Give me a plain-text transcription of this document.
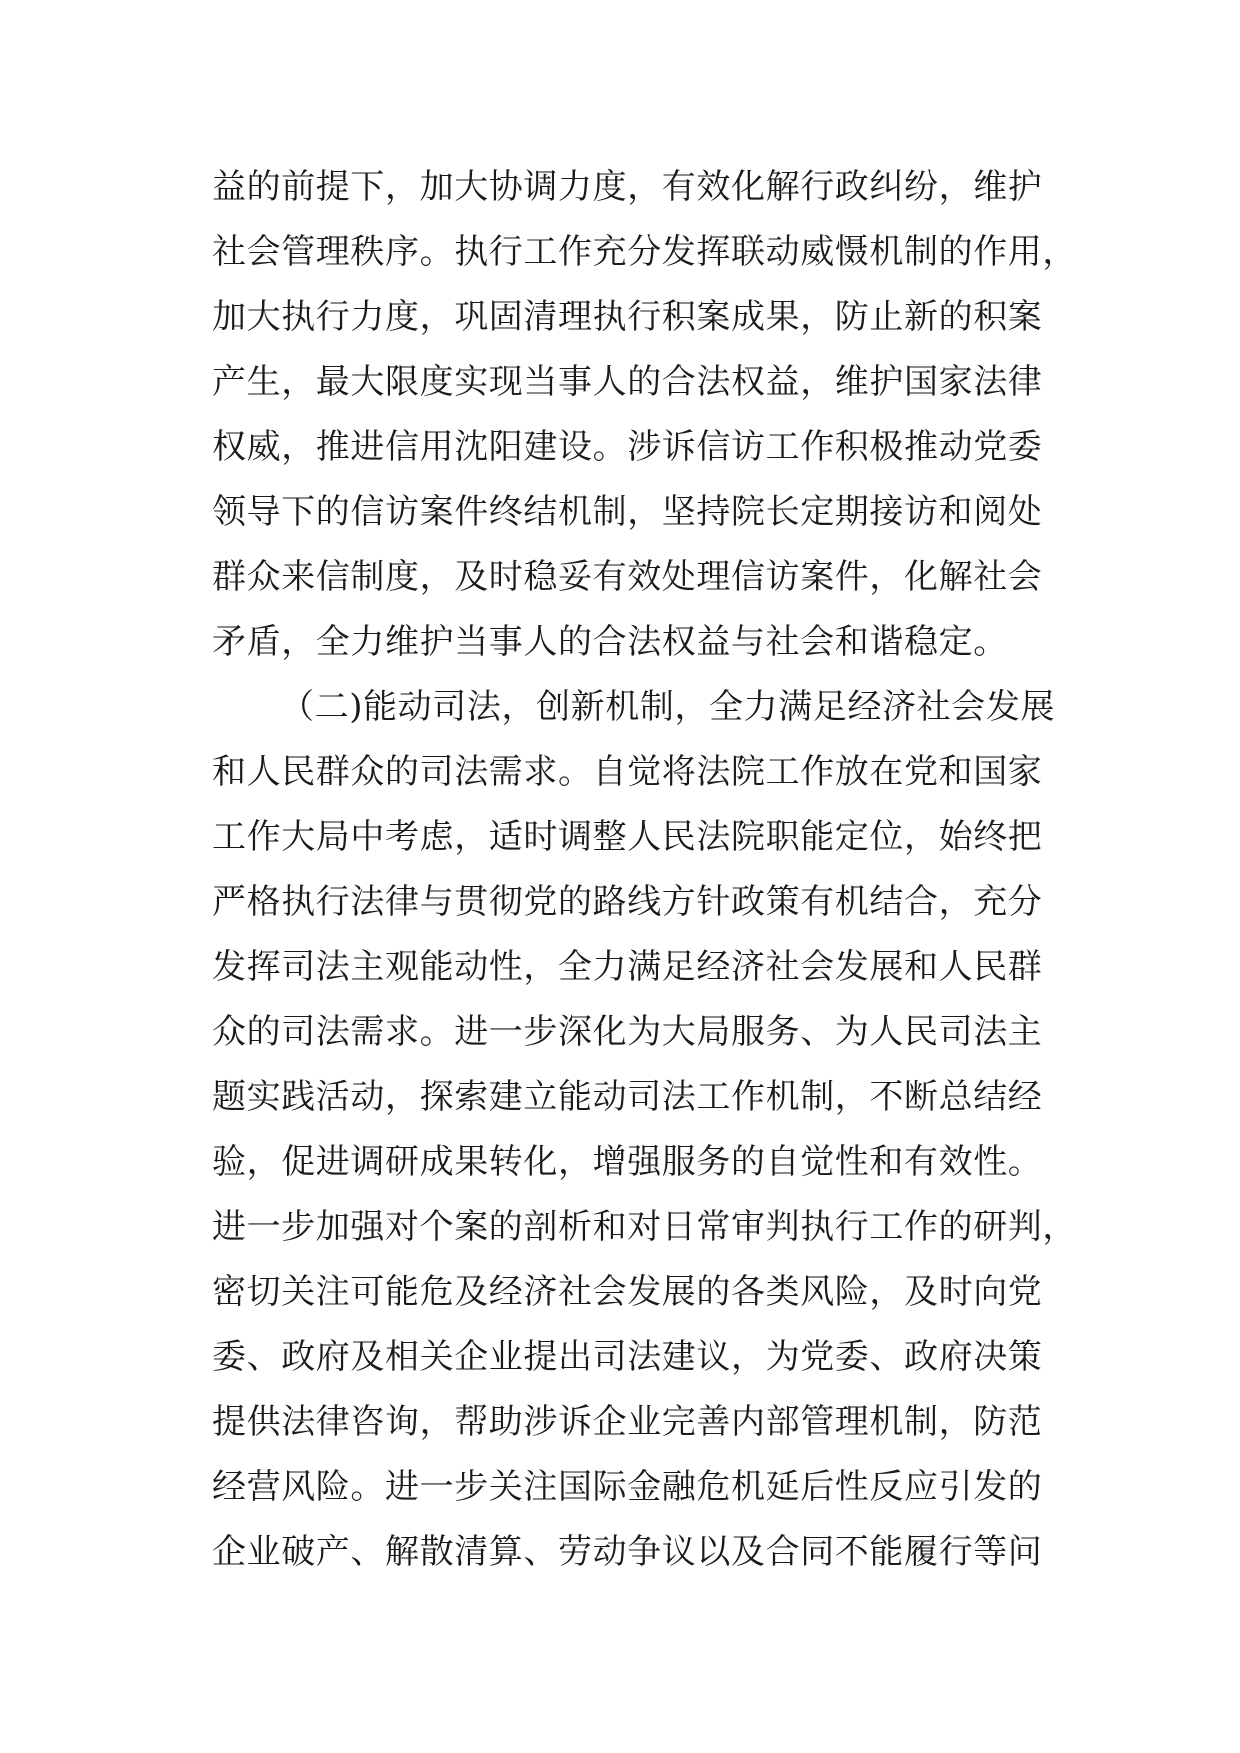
益的前提下，加大协调力度，有效化解行政纠纷，维护
社会管理秩序。执行工作充分发挥联动威慑机制的作用，
加大执行力度，巩固清理执行积案成果，防止新的积案
产生，最大限度实现当事人的合法权益，维护国家法律
权威，推进信用沈阳建设。涉诉信访工作积极推动党委
领导下的信访案件终结机制，坚持院长定期接访和阅处
群众来信制度，及时稳妥有效处理信访案件，化解社会
矛盾，全力维护当事人的合法权益与社会和谐稳定。
（二)能动司法，创新机制，全力满足经济社会发展
和人民群众的司法需求。自觉将法院工作放在党和国家
工作大局中考虑，适时调整人民法院职能定位，始终把
严格执行法律与贯彻党的路线方针政策有机结合，充分
发挥司法主观能动性，全力满足经济社会发展和人民群
众的司法需求。进一步深化为大局服务、为人民司法主
题实践活动，探索建立能动司法工作机制，不断总结经
验，促进调研成果转化，增强服务的自觉性和有效性。
进一步加强对个案的剖析和对日常审判执行工作的研判，
密切关注可能危及经济社会发展的各类风险，及时向党
委、政府及相关企业提出司法建议，为党委、政府决策
提供法律咨询，帮助涉诉企业完善内部管理机制，防范
经营风险。进一步关注国际金融危机延后性反应引发的
企业破产、解散清算、劳动争议以及合同不能履行等问
